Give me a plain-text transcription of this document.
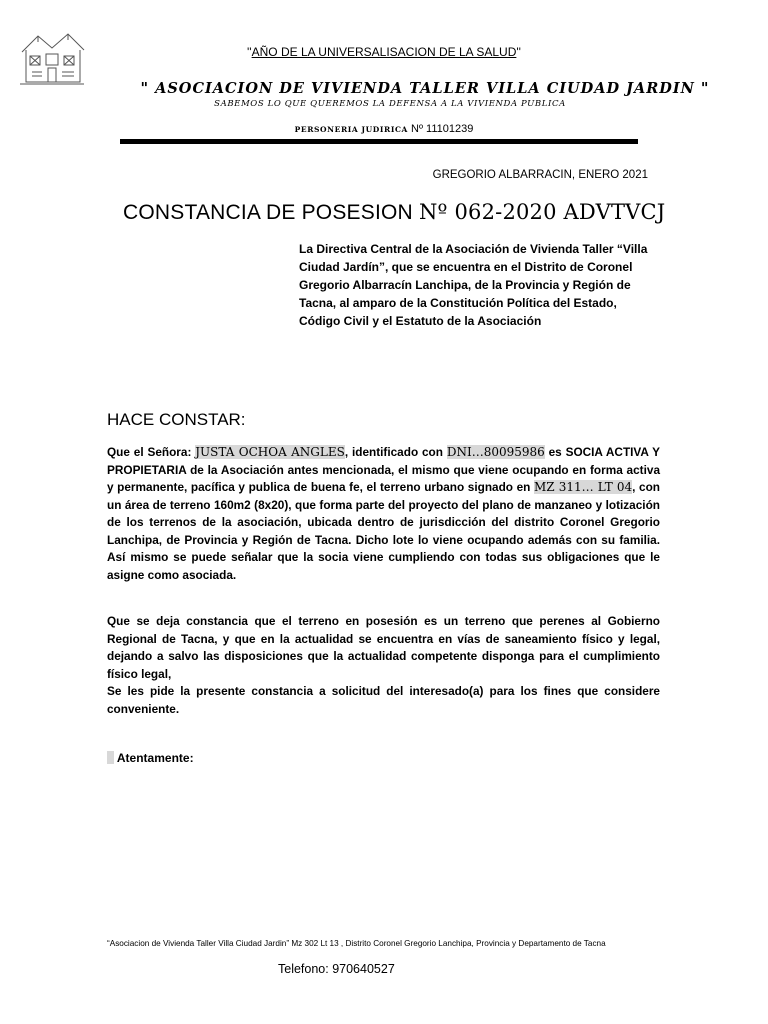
''AÑO DE LA UNIVERSALISACION DE LA SALUD''
" ASOCIACION DE VIVIENDA TALLER VILLA CIUDAD JARDIN "
SABEMOS LO QUE QUEREMOS LA DEFENSA A LA VIVIENDA PUBLICA
PERSONERIA JUDIRICA Nº 11101239
GREGORIO ALBARRACIN, ENERO 2021
CONSTANCIA DE POSESION Nº 062-2020 ADVTVCJ
La Directiva Central de la Asociación de Vivienda Taller “Villa
Ciudad Jardín”, que se encuentra en el Distrito de Coronel
Gregorio Albarracín Lanchipa, de la Provincia y Región de
Tacna, al amparo de la Constitución Política del Estado,
Código Civil y el Estatuto de la Asociación
HACE CONSTAR:
Que el Señora: JUSTA OCHOA ANGLES, identificado con DNI…80095986 es SOCIA ACTIVA Y PROPIETARIA de la Asociación antes mencionada, el mismo que viene ocupando en forma activa y permanente, pacífica y publica de buena fe, el terreno urbano signado en MZ 311… LT 04, con un área de terreno 160m2 (8x20), que forma parte del proyecto del plano de manzaneo y lotización de los terrenos de la asociación, ubicada dentro de jurisdicción del distrito Coronel Gregorio Lanchipa, de Provincia y Región de Tacna. Dicho lote lo viene ocupando además con su familia. Así mismo se puede señalar que la socia viene cumpliendo con todas sus obligaciones que le asigne como asociada.
Que se deja constancia que el terreno en posesión es un terreno que perenes al Gobierno Regional de Tacna, y que en la actualidad se encuentra en vías de saneamiento físico y legal, dejando a salvo las disposiciones que la actualidad competente disponga para el cumplimiento físico legal,
Se les pide la presente constancia a solicitud del interesado(a) para los fines que considere conveniente.
Atentamente:
“Asociacion de Vivienda Taller Villa Ciudad Jardin” Mz 302 Lt 13 , Distrito Coronel Gregorio Lanchipa, Provincia y Departamento de Tacna
Telefono: 970640527
